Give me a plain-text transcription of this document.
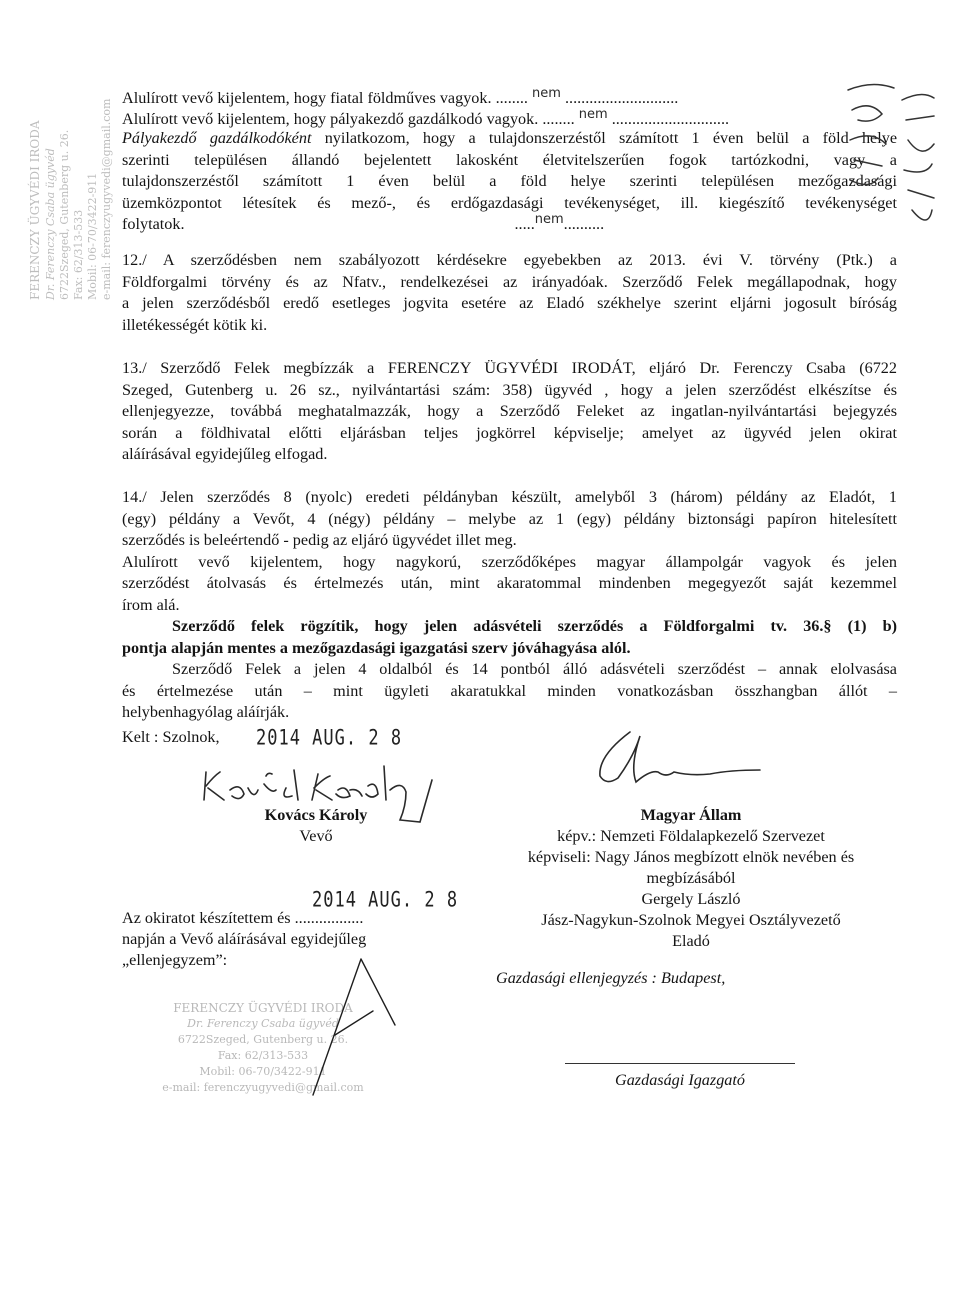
FERENCZY ÜGYVÉDI IRODA Dr. Ferenczy Csaba ügyvéd 6722Szeged, Gutenberg u. 26. Fax: 62/313-533 Mobil: 06-70/3422-911 e-mail: ferenczyugyvedi@gmail.com
Alulírott vevő kijelentem, hogy fiatal földműves vagyok. ........ $^{nem}$ ............................
Alulírott vevő kijelentem, hogy pályakezdő gazdálkodó vagyok. ........ $^{nem}$ .............................
Pályakezdő gazdálkodóként nyilatkozom, hogy a tulajdonszerzéstől számított 1 éven belül a föld helye
szerinti településen állandó bejelentett lakosként életvitelszerűen fogok tartózkodni, vagy a
tulajdonszerzéstől számított 1 éven belül a föld helye szerinti településen mezőgazdasági
üzemközpontot létesítek és mező-, és erdőgazdasági tevékenységet, ill. kiegészítő tevékenységet
folytatok.	.....$^{nem}$..........
12./ A szerződésben nem szabályozott kérdésekre egyebekben az 2013. évi V. törvény (Ptk.) a
Földforgalmi törvény és az Nfatv., rendelkezései az irányadóak. Szerződő Felek megállapodnak, hogy
a jelen szerződésből eredő esetleges jogvita esetére az Eladó székhelye szerint eljárni jogosult bíróság
illetékességét kötik ki.
13./ Szerződő Felek megbízzák a FERENCZY ÜGYVÉDI IRODÁT, eljáró Dr. Ferenczy Csaba (6722
Szeged, Gutenberg u. 26 sz., nyilvántartási szám: 358) ügyvéd , hogy a jelen szerződést elkészítse és
ellenjegyezze, továbbá meghatalmazzák, hogy a Szerződő Feleket az ingatlan-nyilvántartási bejegyzés
során a földhivatal előtti eljárásban teljes jogkörrel képviselje; amelyet az ügyvéd jelen okirat
aláírásával egyidejűleg elfogad.
14./ Jelen szerződés 8 (nyolc) eredeti példányban készült, amelyből 3 (három) példány az Eladót, 1
(egy) példány a Vevőt, 4 (négy) példány – melybe az 1 (egy) példány biztonsági papíron hitelesített
szerződés is beleértendő - pedig az eljáró ügyvédet illet meg.
Alulírott vevő kijelentem, hogy nagykorú, szerződőképes magyar állampolgár vagyok és jelen
szerződést átolvasás és értelmezés után, mint akaratommal mindenben megegyezőt saját kezemmel
írom alá.
Szerződő felek rögzítik, hogy jelen adásvételi szerződés a Földforgalmi tv. 36.§ (1) b)
pontja alapján mentes a mezőgazdasági igazgatási szerv jóváhagyása alól.
Szerződő Felek a jelen 4 oldalból és 14 pontból álló adásvételi szerződést – annak elolvasása
és értelmezése után – mint ügyleti akaratukkal minden vonatkozásban összhangban állót –
helybenhagyólag aláírják.
Kelt : Szolnok, 2014 AUG. 2 8
Kovács Károly
Vevő
Magyar Állam
képv.: Nemzeti Földalapkezelő Szervezet
képviseli: Nagy János megbízott elnök nevében és
megbízásából
Gergely László
Jász-Nagykun-Szolnok Megyei Osztályvezető
Eladó
Gazdasági ellenjegyzés : Budapest,
Gazdasági Igazgató
2014 AUG. 2 8
Az okiratot készítettem és .................
napján a Vevő aláírásával egyidejűleg
„ellenjegyzem”:
FERENCZY ÜGYVÉDI IRODA
Dr. Ferenczy Csaba ügyvéd
6722Szeged, Gutenberg u. 26.
Fax: 62/313-533
Mobil: 06-70/3422-911
e-mail: ferenczyugyvedi@gmail.com
